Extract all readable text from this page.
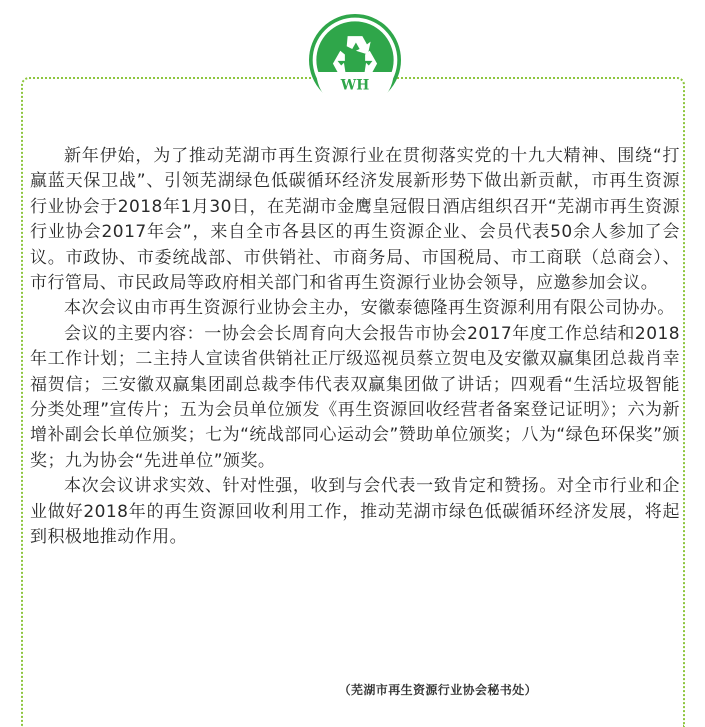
WH

新年伊始，为了推动芜湖市再生资源行业在贯彻落实党的十九大精神、围绕“打赢蓝天保卫战”、引领芜湖绿色低碳循环经济发展新形势下做出新贡献，市再生资源行业协会于2018年1月30日，在芜湖市金鹰皇冠假日酒店组织召开“芜湖市再生资源行业协会2017年会”，来自全市各县区的再生资源企业、会员代表50余人参加了会议。市政协、市委统战部、市供销社、市商务局、市国税局、市工商联（总商会）、市行管局、市民政局等政府相关部门和省再生资源行业协会领导，应邀参加会议。

本次会议由市再生资源行业协会主办，安徽泰德隆再生资源利用有限公司协办。

会议的主要内容：一协会会长周育向大会报告市协会2017年度工作总结和2018年工作计划；二主持人宣读省供销社正厅级巡视员蔡立贺电及安徽双赢集团总裁肖幸福贺信；三安徽双赢集团副总裁李伟代表双赢集团做了讲话；四观看“生活垃圾智能分类处理”宣传片；五为会员单位颁发《再生资源回收经营者备案登记证明》；六为新增补副会长单位颁奖；七为“统战部同心运动会”赞助单位颁奖；八为“绿色环保奖”颁奖；九为协会“先进单位”颁奖。

本次会议讲求实效、针对性强，收到与会代表一致肯定和赞扬。对全市行业和企业做好2018年的再生资源回收利用工作，推动芜湖市绿色低碳循环经济发展，将起到积极地推动作用。

（芜湖市再生资源行业协会秘书处）
